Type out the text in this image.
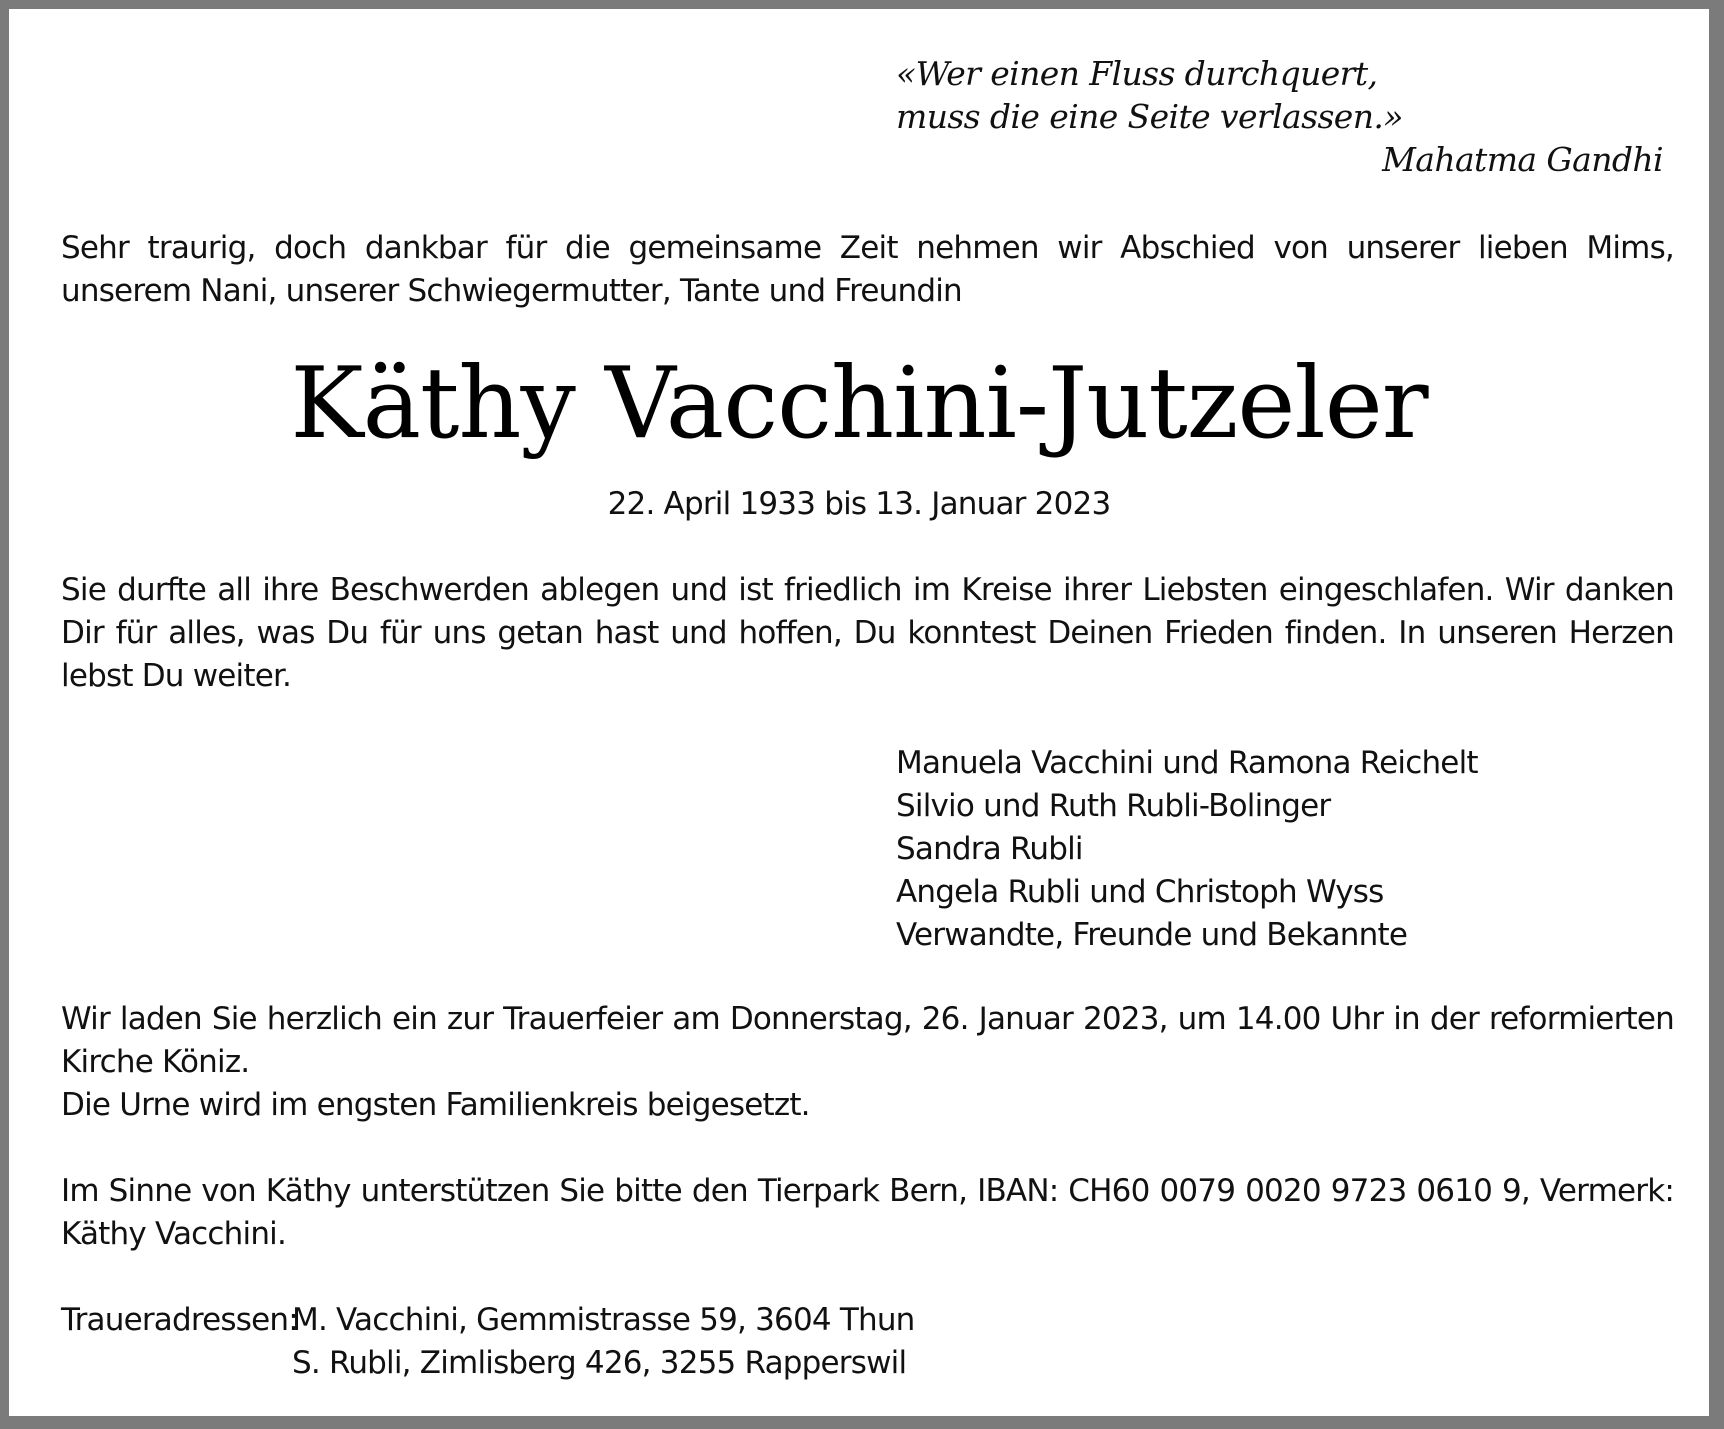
«Wer einen Fluss durchquert,
muss die eine Seite verlassen.»
Mahatma Gandhi
Sehr traurig, doch dankbar für die gemeinsame Zeit nehmen wir Abschied von unserer lieben Mims, unserem Nani, unserer Schwiegermutter, Tante und Freundin
Käthy Vacchini-Jutzeler
22. April 1933 bis 13. Januar 2023
Sie durfte all ihre Beschwerden ablegen und ist friedlich im Kreise ihrer Liebsten eingeschlafen. Wir danken Dir für alles, was Du für uns getan hast und hoffen, Du konntest Deinen Frieden finden. In unseren Herzen lebst Du weiter.
Manuela Vacchini und Ramona Reichelt
Silvio und Ruth Rubli-Bolinger
Sandra Rubli
Angela Rubli und Christoph Wyss
Verwandte, Freunde und Bekannte
Wir laden Sie herzlich ein zur Trauerfeier am Donnerstag, 26. Januar 2023, um 14.00 Uhr in der reformierten Kirche Köniz.
Die Urne wird im engsten Familienkreis beigesetzt.
Im Sinne von Käthy unterstützen Sie bitte den Tierpark Bern, IBAN: CH60 0079 0020 9723 0610 9, Vermerk: Käthy Vacchini.
Traueradressen:
M. Vacchini, Gemmistrasse 59, 3604 Thun
S. Rubli, Zimlisberg 426, 3255 Rapperswil
